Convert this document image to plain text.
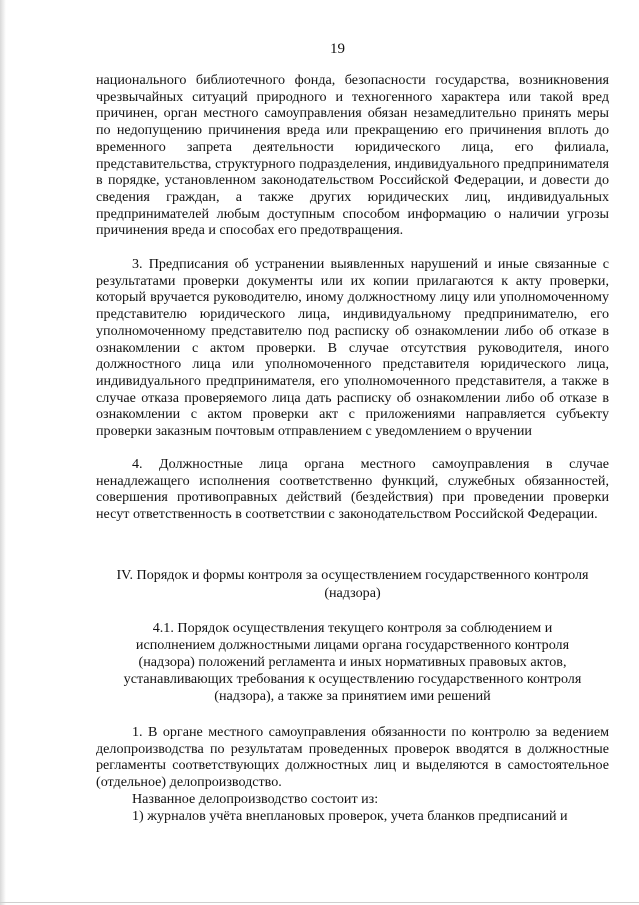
19

национального библиотечного фонда, безопасности государства, возникновения чрезвычайных ситуаций природного и техногенного характера или такой вред причинен, орган местного самоуправления обязан незамедлительно принять меры по недопущению причинения вреда или прекращению его причинения вплоть до временного запрета деятельности юридического лица, его филиала, представительства, структурного подразделения, индивидуального предпринимателя в порядке, установленном законодательством Российской Федерации, и довести до сведения граждан, а также других юридических лиц, индивидуальных предпринимателей любым доступным способом информацию о наличии угрозы причинения вреда и способах его предотвращения.

3. Предписания об устранении выявленных нарушений и иные связанные с результатами проверки документы или их копии прилагаются к акту проверки, который вручается руководителю, иному должностному лицу или уполномоченному представителю юридического лица, индивидуальному предпринимателю, его уполномоченному представителю под расписку об ознакомлении либо об отказе в ознакомлении с актом проверки. В случае отсутствия руководителя, иного должностного лица или уполномоченного представителя юридического лица, индивидуального предпринимателя, его уполномоченного представителя, а также в случае отказа проверяемого лица дать расписку об ознакомлении либо об отказе в ознакомлении с актом проверки акт с приложениями направляется субъекту проверки заказным почтовым отправлением с уведомлением о вручении

4. Должностные лица органа местного самоуправления в случае ненадлежащего исполнения соответственно функций, служебных обязанностей, совершения противоправных действий (бездействия) при проведении проверки несут ответственность в соответствии с законодательством Российской Федерации.

IV. Порядок и формы контроля за осуществлением государственного контроля (надзора)

4.1. Порядок осуществления текущего контроля за соблюдением и исполнением должностными лицами органа государственного контроля (надзора) положений регламента и иных нормативных правовых актов, устанавливающих требования к осуществлению государственного контроля (надзора), а также за принятием ими решений

1. В органе местного самоуправления обязанности по контролю за ведением делопроизводства по результатам проведенных проверок вводятся в должностные регламенты соответствующих должностных лиц и выделяются в самостоятельное (отдельное) делопроизводство.

Названное делопроизводство состоит из:

1) журналов учёта внеплановых проверок, учета бланков предписаний и
